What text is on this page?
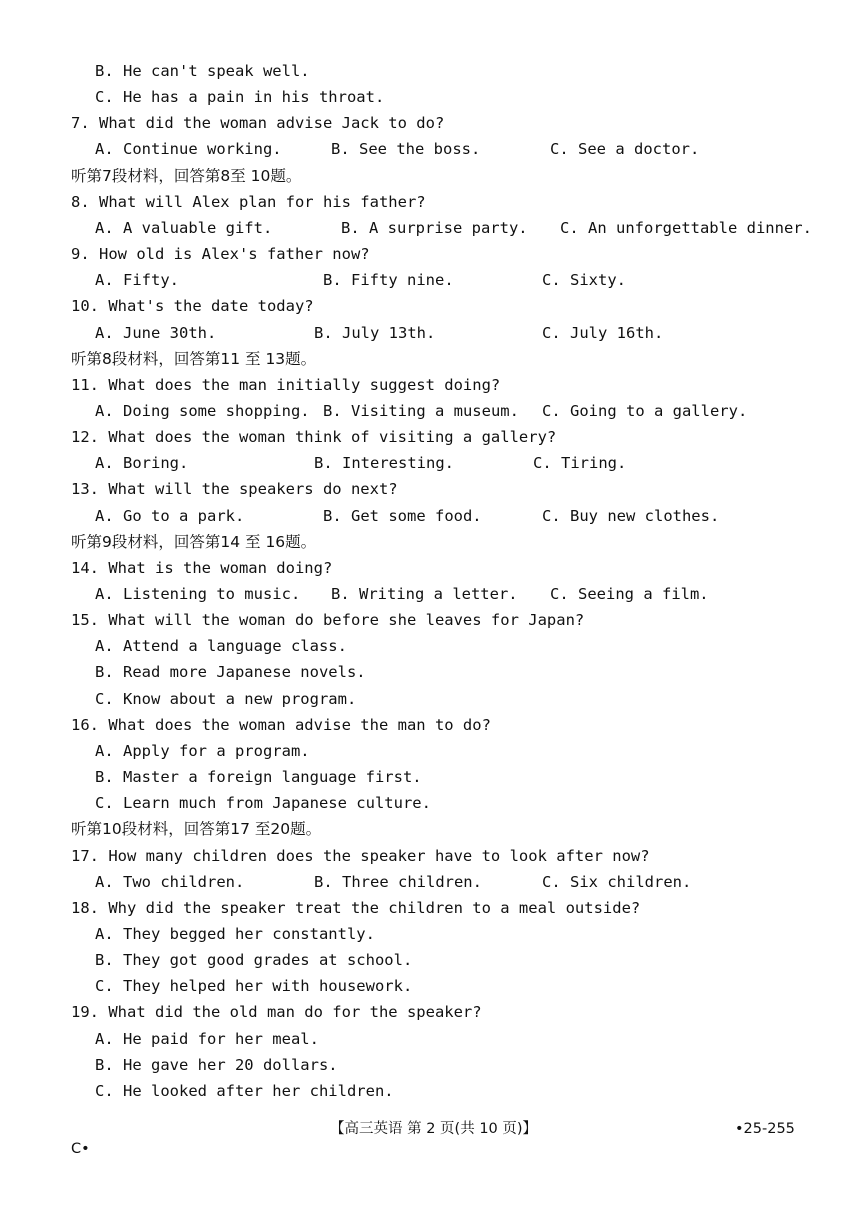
B. He can't speak well.
C. He has a pain in his throat.
7. What did the woman advise Jack to do?
A. Continue working.	B. See the boss.	C. See a doctor.
听第7段材料，回答第8至 10题。
8. What will Alex plan for his father?
A. A valuable gift.	B. A surprise party. C. An unforgettable dinner.
9. How old is Alex's father now?
A. Fifty.	B. Fifty nine.	C. Sixty.
10. What's the date today?
A. June 30th.	B. July 13th.	C. July 16th.
听第8段材料，回答第11 至 13题。
11. What does the man initially suggest doing?
A. Doing some shopping. B. Visiting a museum. C. Going to a gallery.
12. What does the woman think of visiting a gallery?
A. Boring.	B. Interesting.	C. Tiring.
13. What will the speakers do next?
A. Go to a park.	B. Get some food.	C. Buy new clothes.
听第9段材料，回答第14 至 16题。
14. What is the woman doing?
A. Listening to music. B. Writing a letter. C. Seeing a film.
15. What will the woman do before she leaves for Japan?
A. Attend a language class.
B. Read more Japanese novels.
C. Know about a new program.
16. What does the woman advise the man to do?
A. Apply for a program.
B. Master a foreign language first.
C. Learn much from Japanese culture.
听第10段材料，回答第17 至20题。
17. How many children does the speaker have to look after now?
A. Two children.	B. Three children.	C. Six children.
18. Why did the speaker treat the children to a meal outside?
A. They begged her constantly.
B. They got good grades at school.
C. They helped her with housework.
19. What did the old man do for the speaker?
A. He paid for her meal.
B. He gave her 20 dollars.
C. He looked after her children.
【高三英语 第 2 页(共 10 页)】	•25-255
C•
